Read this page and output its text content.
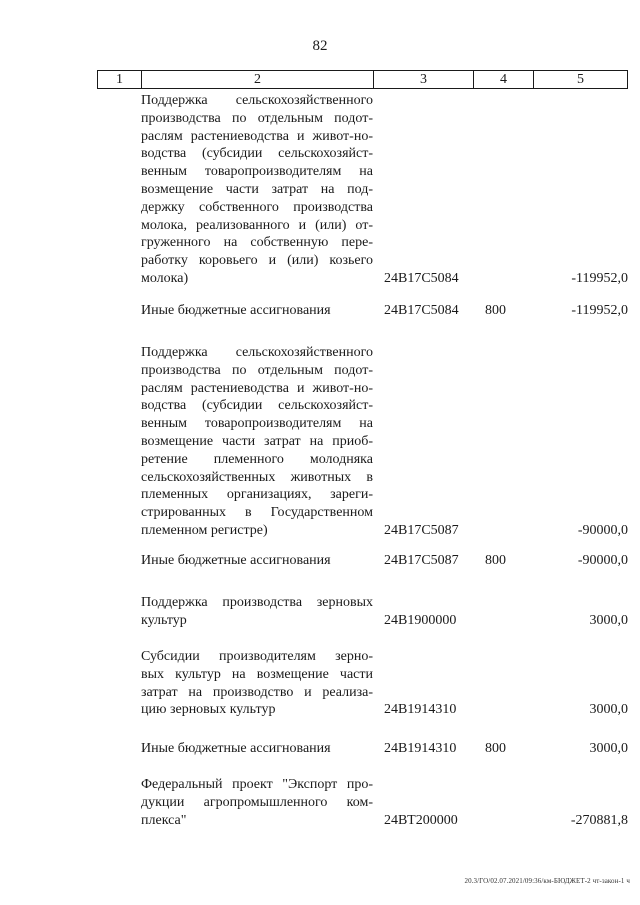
82
1	2	3	4	5
Поддержка сельскохозяйственного
производства по отдельным подот-
раслям растениеводства и живот-но-
водства (субсидии сельскохозяйст-
венным товаропроизводителям на
возмещение части затрат на под-
держку собственного производства
молока, реализованного и (или) от-
груженного на собственную пере-
работку коровьего и (или) козьего
молока)	24В17С5084	-119952,0
Иные бюджетные ассигнования	24В17С5084 800	-119952,0
Поддержка сельскохозяйственного
производства по отдельным подот-
раслям растениеводства и живот-но-
водства (субсидии сельскохозяйст-
венным товаропроизводителям на
возмещение части затрат на приоб-
ретение племенного молодняка
сельскохозяйственных животных в
племенных организациях, зареги-
стрированных в Государственном
племенном регистре)	24В17С5087	-90000,0
Иные бюджетные ассигнования	24В17С5087 800	-90000,0
Поддержка производства зерновых
культур	24В1900000	3000,0
Субсидии производителям зерно-
вых культур на возмещение части
затрат на производство и реализа-
цию зерновых культур	24В1914310	3000,0
Иные бюджетные ассигнования	24В1914310 800	3000,0
Федеральный проект "Экспорт про-
дукции агропромышленного ком-
плекса"	24ВТ200000	-270881,8
20.3/ГО/02.07.2021/09:36/км-БЮДЖЕТ-2 чт-закон-1 ч
